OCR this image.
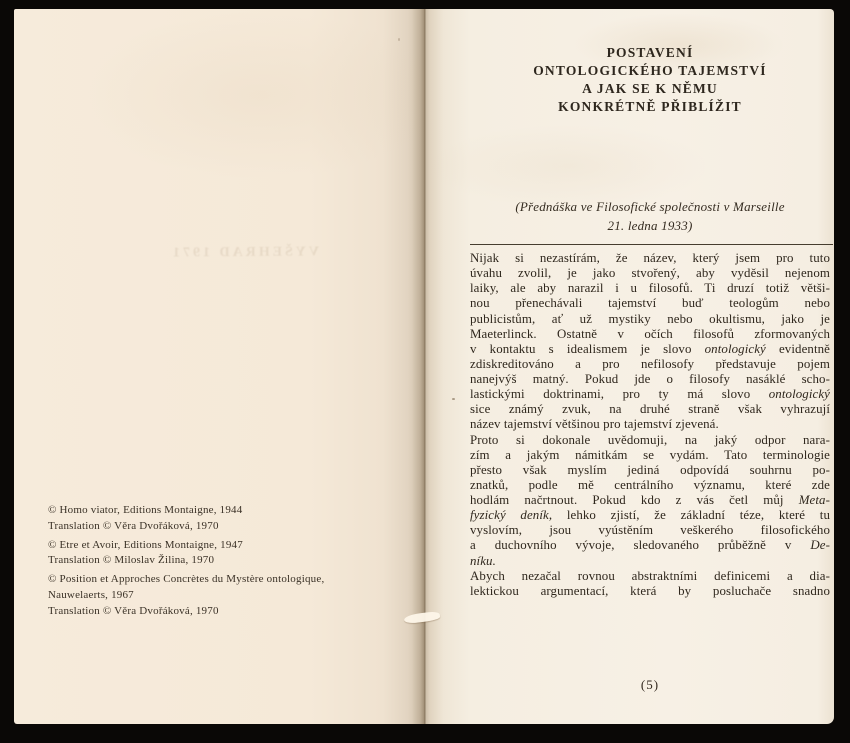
VYŠEHRAD 1971
© Homo viator, Editions Montaigne, 1944
Translation © Věra Dvořáková, 1970
© Etre et Avoir, Editions Montaigne, 1947
Translation © Miloslav Žilina, 1970
© Position et Approches Concrètes du Mystère ontologique,
Nauwelaerts, 1967
Translation © Věra Dvořáková, 1970
POSTAVENÍ
ONTOLOGICKÉHO TAJEMSTVÍ
A JAK SE K NĚMU
KONKRÉTNĚ PŘIBLÍŽIT
(Přednáška ve Filosofické společnosti v Marseille
21. ledna 1933)
Nijak si nezastírám, že název, který jsem pro tuto
úvahu zvolil, je jako stvořený, aby vyděsil nejenom
laiky, ale aby narazil i u filosofů. Ti druzí totiž větši-
nou přenechávali tajemství buď teologům nebo
publicistům, ať už mystiky nebo okultismu, jako je
Maeterlinck. Ostatně v očích filosofů zformovaných
v kontaktu s idealismem je slovo ontologický evidentně
zdiskreditováno a pro nefilosofy představuje pojem
nanejvýš matný. Pokud jde o filosofy nasáklé scho-
lastickými doktrinami, pro ty má slovo ontologický
sice známý zvuk, na druhé straně však vyhrazují
název tajemství většinou pro tajemství zjevená.
Proto si dokonale uvědomuji, na jaký odpor nara-
zím a jakým námitkám se vydám. Tato terminologie
přesto však myslím jediná odpovídá souhrnu po-
znatků, podle mě centrálního významu, které zde
hodlám načrtnout. Pokud kdo z vás četl můj Meta-
fyzický deník, lehko zjistí, že základní téze, které tu
vyslovím, jsou vyústěním veškerého filosofického
a duchovního vývoje, sledovaného průběžně v De-
níku.
Abych nezačal rovnou abstraktními definicemi a dia-
lektickou argumentací, která by posluchače snadno
(5)
